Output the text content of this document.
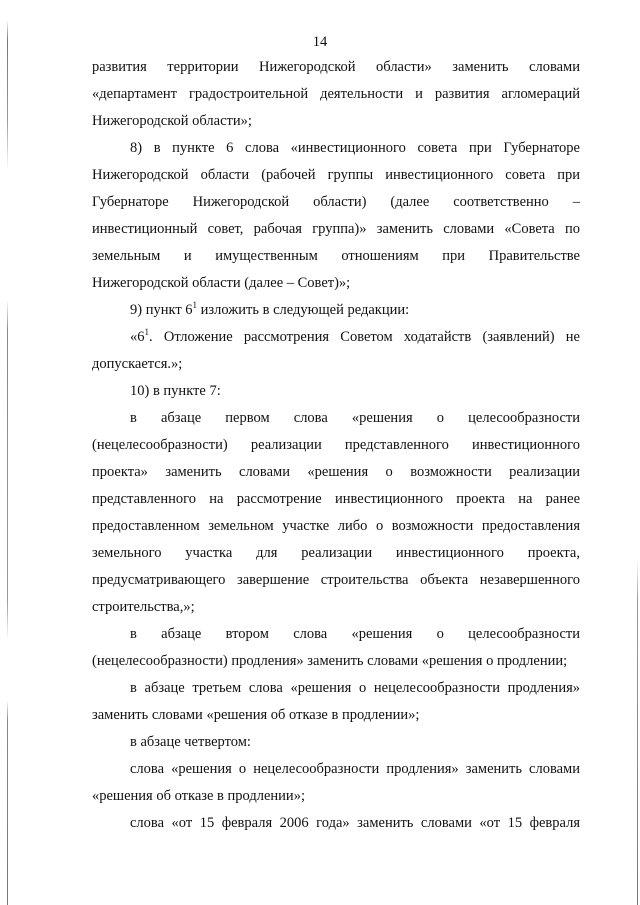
14

развития территории Нижегородской области» заменить словами «департамент градостроительной деятельности и развития агломераций Нижегородской области»;

8) в пункте 6 слова «инвестиционного совета при Губернаторе Нижегородской области (рабочей группы инвестиционного совета при Губернаторе Нижегородской области) (далее соответственно – инвестиционный совет, рабочая группа)» заменить словами «Совета по земельным и имущественным отношениям при Правительстве Нижегородской области (далее – Совет)»;

9) пункт $6^1$ изложить в следующей редакции:

«$6^1$. Отложение рассмотрения Советом ходатайств (заявлений) не допускается.»;

10) в пункте 7:

в абзаце первом слова «решения о целесообразности (нецелесообразности) реализации представленного инвестиционного проекта» заменить словами «решения о возможности реализации представленного на рассмотрение инвестиционного проекта на ранее предоставленном земельном участке либо о возможности предоставления земельного участка для реализации инвестиционного проекта, предусматривающего завершение строительства объекта незавершенного строительства,»;

в абзаце втором слова «решения о целесообразности (нецелесообразности) продления» заменить словами «решения о продлении;

в абзаце третьем слова «решения о нецелесообразности продления» заменить словами «решения об отказе в продлении»;

в абзаце четвертом:

слова «решения о нецелесообразности продления» заменить словами «решения об отказе в продлении»;

слова «от 15 февраля 2006 года» заменить словами «от 15 февраля
